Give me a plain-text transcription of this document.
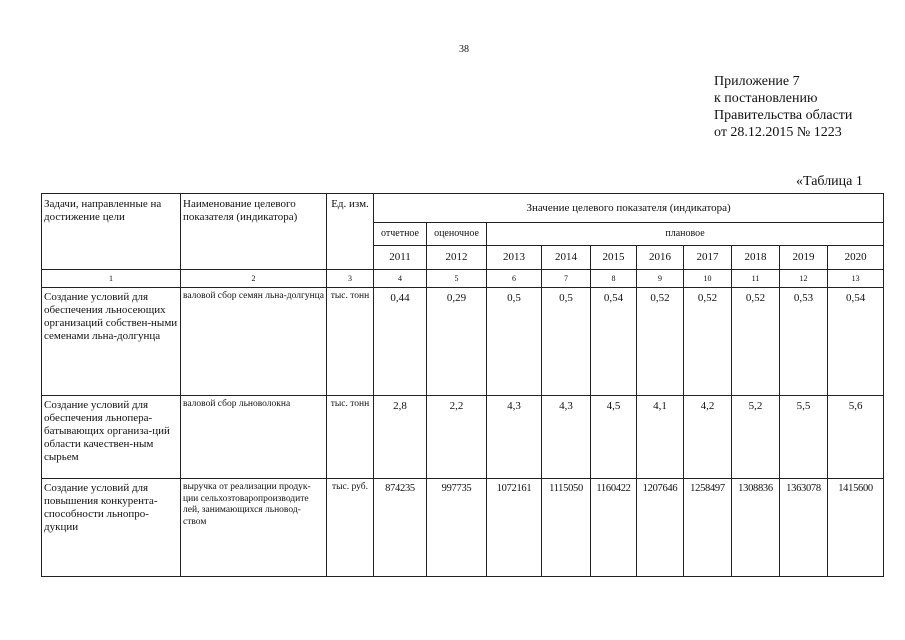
38
Приложение 7
к постановлению
Правительства области
от 28.12.2015 № 1223
«Таблица 1
Задачи, направленные на достижение цели	Наименование целевого показателя (индикатора)	Ед. изм.	Значение целевого показателя (индикатора)									
			отчетное	оценочное	плановое							
			2011	2012	2013	2014	2015	2016	2017	2018	2019	2020
1	2	3	4	5	6	7	8	9	10	11	12	13
Создание условий для обеспечения льносеющих организаций собствен-ными семенами льна-долгунца	валовой сбор семян льна-долгунца	тыс. тонн	0,44	0,29	0,5	0,5	0,54	0,52	0,52	0,52	0,53	0,54
Создание условий для обеспечения льнопера-батывающих организа-ций области качествен-ным сырьем	валовой сбор льноволокна	тыс. тонн	2,8	2,2	4,3	4,3	4,5	4,1	4,2	5,2	5,5	5,6
Создание условий для повышения конкурента-способности льнопро-дукции	выручка от реализации продук-ции сельхозтоваропроизводите лей, занимающихся льновод-ством	тыс. руб.	874235	997735	1072161	1115050	1160422	1207646	1258497	1308836	1363078	1415600
